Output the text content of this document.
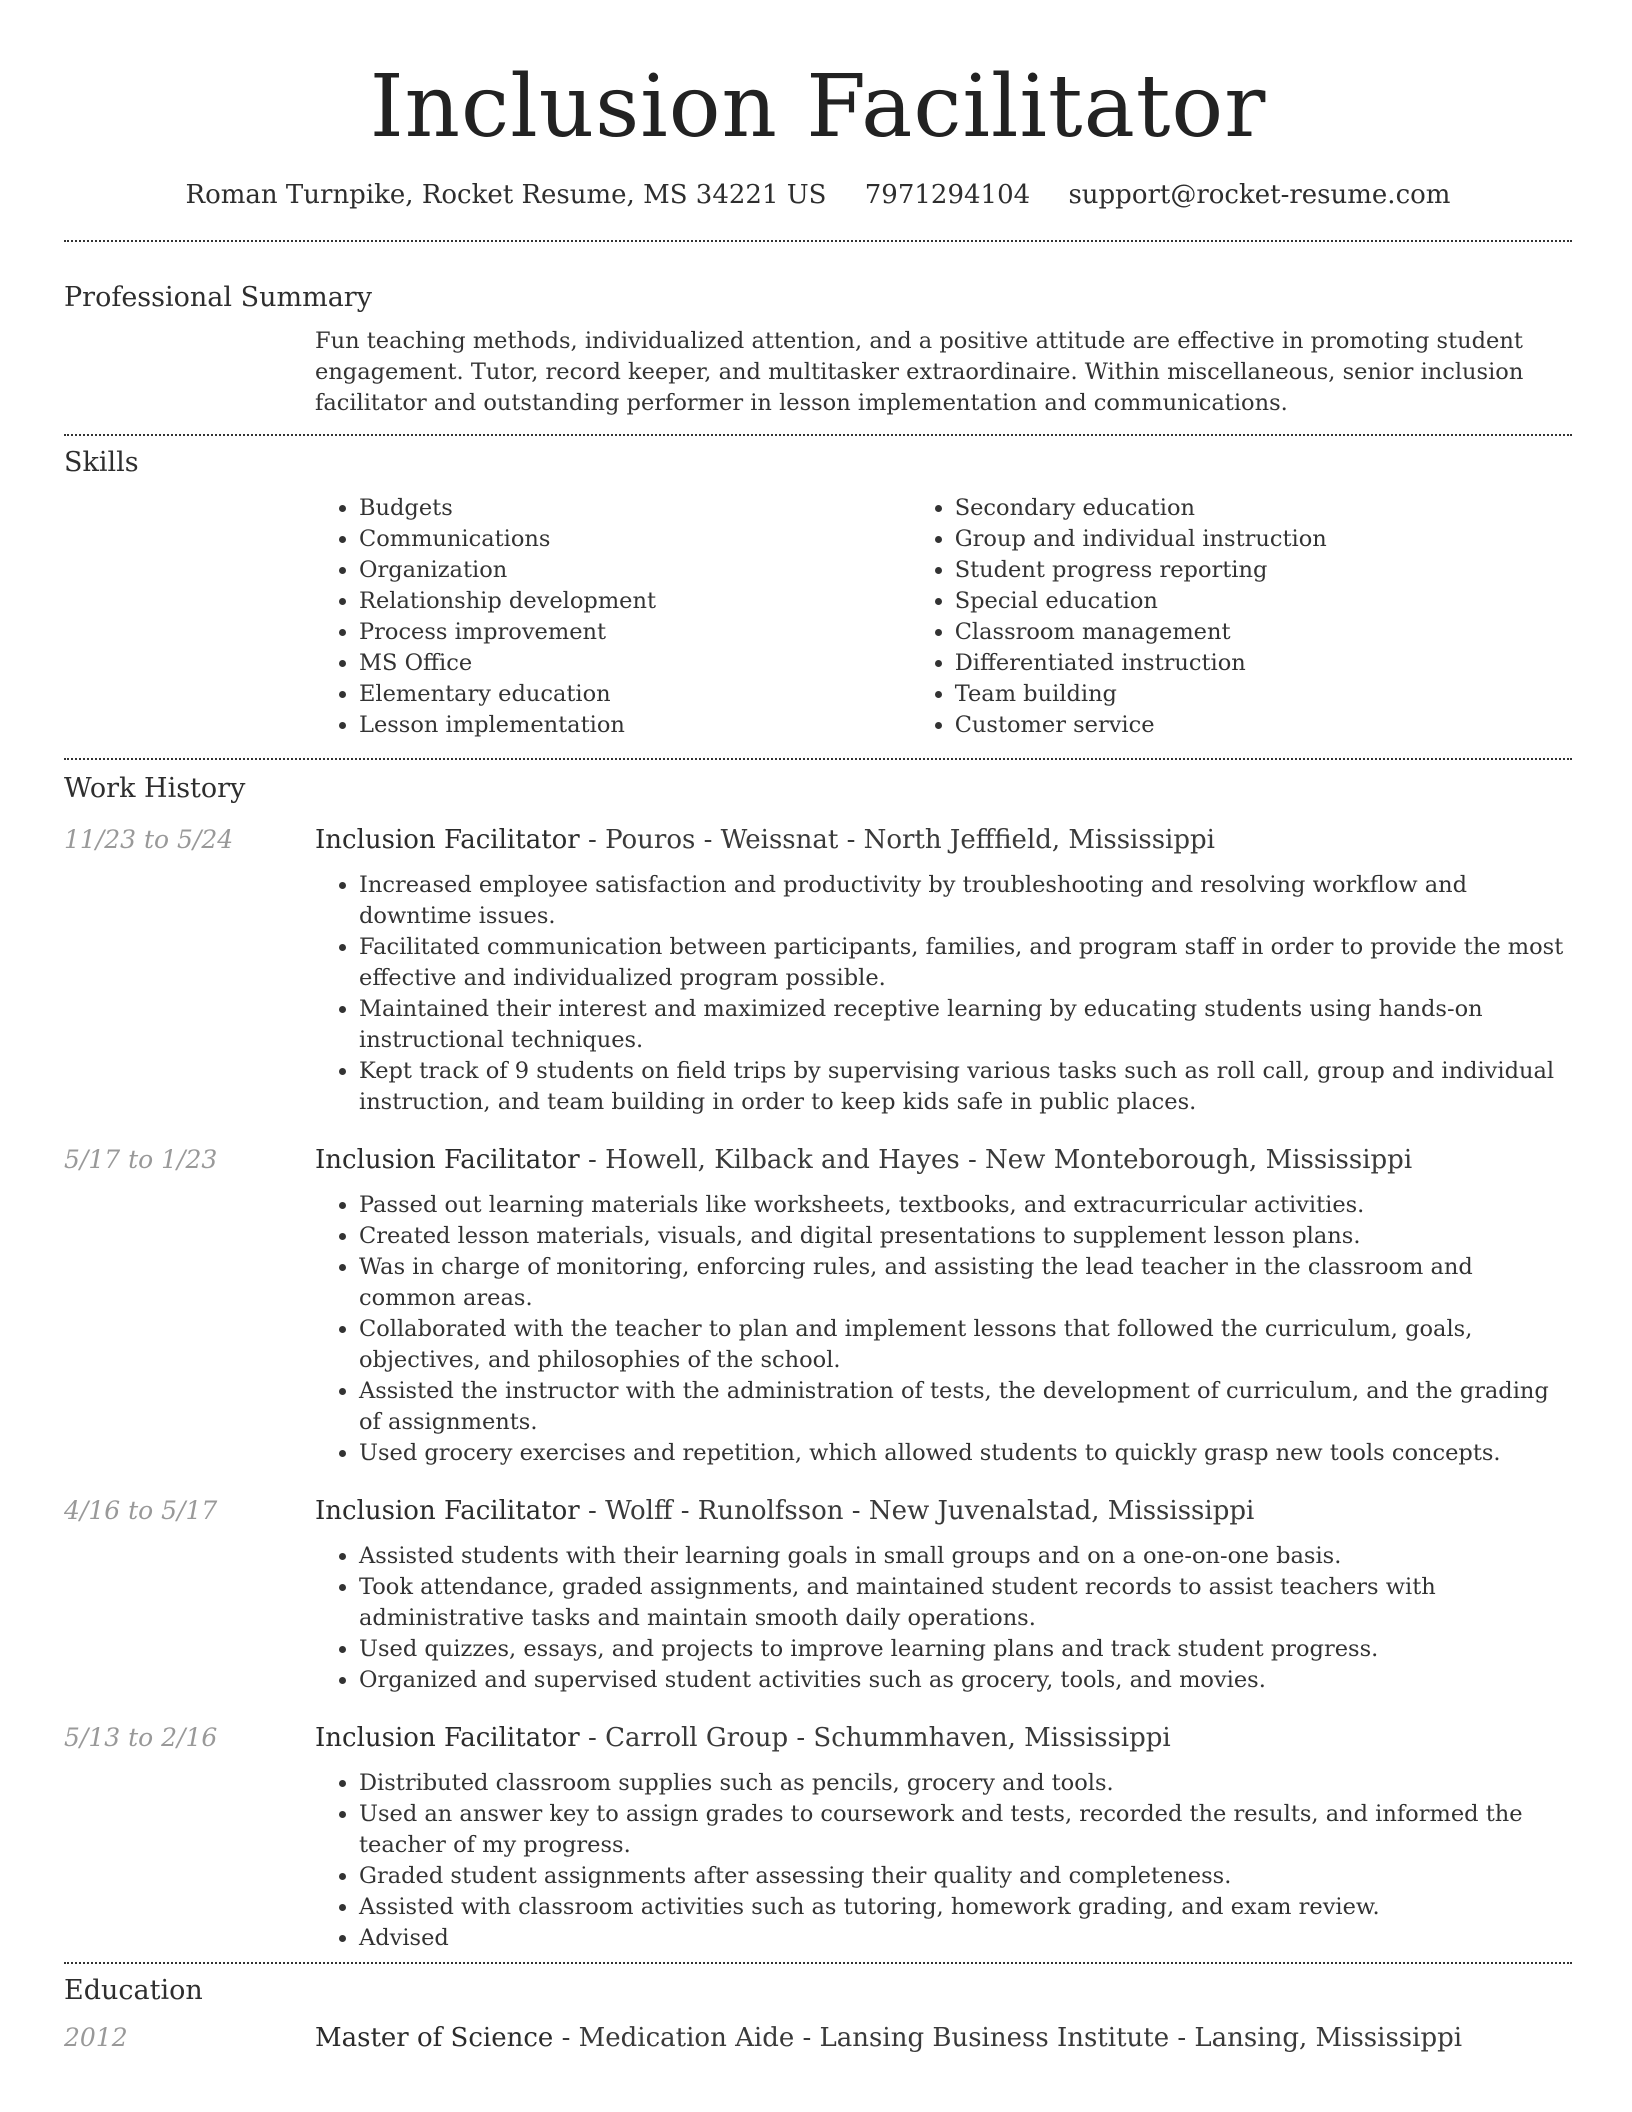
Inclusion Facilitator
Roman Turnpike, Rocket Resume, MS 34221 US 7971294104 support@rocket-resume.com
Professional Summary
Fun teaching methods, individualized attention, and a positive attitude are effective in promoting student engagement. Tutor, record keeper, and multitasker extraordinaire. Within miscellaneous, senior inclusion facilitator and outstanding performer in lesson implementation and communications.
Skills
• Budgets
• Communications
• Organization
• Relationship development
• Process improvement
• MS Office
• Elementary education
• Lesson implementation
• Secondary education
• Group and individual instruction
• Student progress reporting
• Special education
• Classroom management
• Differentiated instruction
• Team building
• Customer service
Work History
11/23 to 5/24	Inclusion Facilitator - Pouros - Weissnat - North Jefffield, Mississippi
• Increased employee satisfaction and productivity by troubleshooting and resolving workflow and downtime issues.
• Facilitated communication between participants, families, and program staff in order to provide the most effective and individualized program possible.
• Maintained their interest and maximized receptive learning by educating students using hands-on instructional techniques.
• Kept track of 9 students on field trips by supervising various tasks such as roll call, group and individual instruction, and team building in order to keep kids safe in public places.
5/17 to 1/23	Inclusion Facilitator - Howell, Kilback and Hayes - New Monteborough, Mississippi
• Passed out learning materials like worksheets, textbooks, and extracurricular activities.
• Created lesson materials, visuals, and digital presentations to supplement lesson plans.
• Was in charge of monitoring, enforcing rules, and assisting the lead teacher in the classroom and common areas.
• Collaborated with the teacher to plan and implement lessons that followed the curriculum, goals, objectives, and philosophies of the school.
• Assisted the instructor with the administration of tests, the development of curriculum, and the grading of assignments.
• Used grocery exercises and repetition, which allowed students to quickly grasp new tools concepts.
4/16 to 5/17	Inclusion Facilitator - Wolff - Runolfsson - New Juvenalstad, Mississippi
• Assisted students with their learning goals in small groups and on a one-on-one basis.
• Took attendance, graded assignments, and maintained student records to assist teachers with administrative tasks and maintain smooth daily operations.
• Used quizzes, essays, and projects to improve learning plans and track student progress.
• Organized and supervised student activities such as grocery, tools, and movies.
5/13 to 2/16	Inclusion Facilitator - Carroll Group - Schummhaven, Mississippi
• Distributed classroom supplies such as pencils, grocery and tools.
• Used an answer key to assign grades to coursework and tests, recorded the results, and informed the teacher of my progress.
• Graded student assignments after assessing their quality and completeness.
• Assisted with classroom activities such as tutoring, homework grading, and exam review.
• Advised
Education
2012	Master of Science - Medication Aide - Lansing Business Institute - Lansing, Mississippi
